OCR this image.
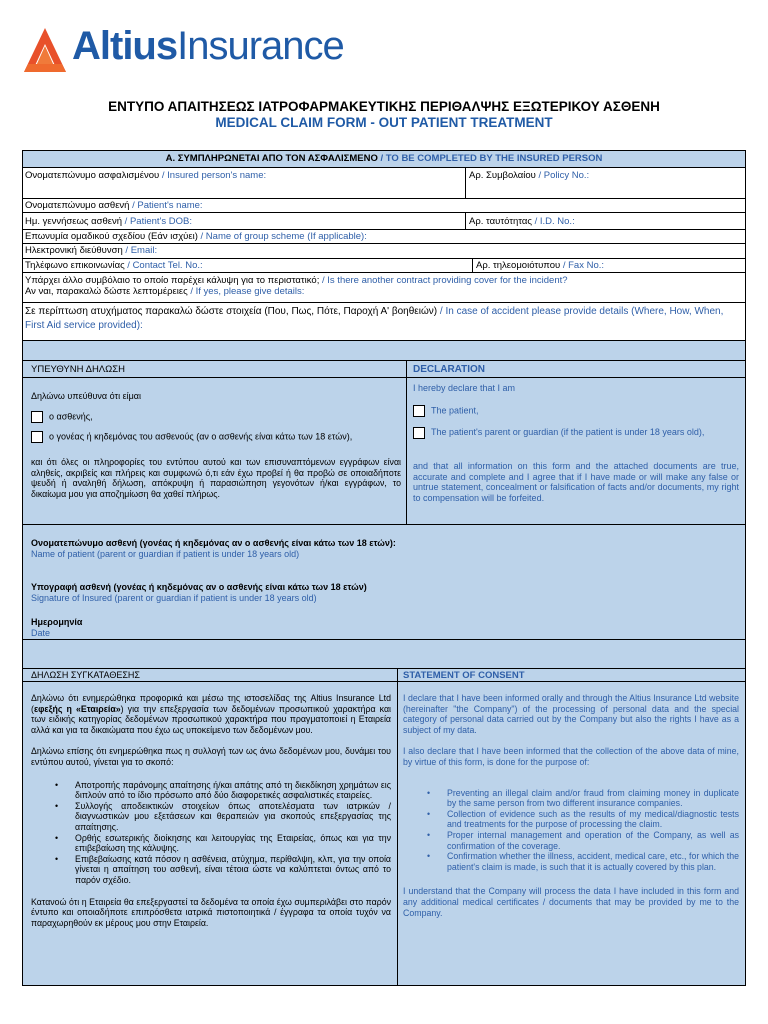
AltiusInsurance
ΕΝΤΥΠΟ ΑΠΑΙΤΗΣΕΩΣ ΙΑΤΡΟΦΑΡΜΑΚΕΥΤΙΚΗΣ ΠΕΡΙΘΑΛΨΗΣ ΕΞΩΤΕΡΙΚΟΥ ΑΣΘΕΝΗ
MEDICAL CLAIM FORM - OUT PATIENT TREATMENT
Α. ΣΥΜΠΛΗΡΩΝΕΤΑΙ ΑΠΟ ΤΟΝ ΑΣΦΑΛΙΣΜΕΝΟ / TO BE COMPLETED BY THE INSURED PERSON
Ονοματεπώνυμο ασφαλισμένου / Insured person's name:	Αρ. Συμβολαίου / Policy No.:
Ονοματεπώνυμο ασθενή / Patient's name:
Ημ. γεννήσεως ασθενή / Patient's DOB:	Αρ. ταυτότητας / I.D. No.:
Επωνυμία ομαδικού σχεδίου (Εάν ισχύει) / Name of group scheme (If applicable):
Ηλεκτρονική διεύθυνση / Email:
Τηλέφωνο επικοινωνίας / Contact Tel. No.:	Αρ. τηλεομοιότυπου / Fax No.:
Υπάρχει άλλο συμβόλαιο το οποίο παρέχει κάλυψη για το περιστατικό; / Is there another contract providing cover for the incident?
Αν ναι, παρακαλώ δώστε λεπτομέρειες / If yes, please give details:
Σε περίπτωση ατυχήματος παρακαλώ δώστε στοιχεία (Που, Πως, Πότε, Παροχή Α' βοηθειών) / In case of accident please provide details (Where, How, When, First Aid service provided):
ΥΠΕΥΘΥΝΗ ΔΗΛΩΣΗ	DECLARATION
Δηλώνω υπεύθυνα ότι είμαι
ο ασθενής,
ο γονέας ή κηδεμόνας του ασθενούς (αν ο ασθενής είναι κάτω των 18 ετών),
και ότι όλες οι πληροφορίες του εντύπου αυτού και των επισυναπτόμενων εγγράφων είναι αληθείς, ακριβείς και πλήρεις και συμφωνώ ό,τι εάν έχω προβεί ή θα προβώ σε οποιαδήποτε ψευδή ή αναληθή δήλωση, απόκρυψη ή παρασιώπηση γεγονότων ή/και εγγράφων, το δικαίωμα μου για αποζημίωση θα χαθεί πλήρως.
I hereby declare that I am
The patient,
The patient's parent or guardian (if the patient is under 18 years old),
and that all information on this form and the attached documents are true, accurate and complete and I agree that if I have made or will make any false or untrue statement, concealment or falsification of facts and/or documents, my right to compensation will be forfeited.
Ονοματεπώνυμο ασθενή (γονέας ή κηδεμόνας αν ο ασθενής είναι κάτω των 18 ετών):
Name of patient (parent or guardian if patient is under 18 years old)
Υπογραφή ασθενή (γονέας ή κηδεμόνας αν ο ασθενής είναι κάτω των 18 ετών)
Signature of Insured (parent or guardian if patient is under 18 years old)
Ημερομηνία
Date
ΔΗΛΩΣΗ ΣΥΓΚΑΤΑΘΕΣΗΣ	STATEMENT OF CONSENT

Δηλώνω ότι ενημερώθηκα προφορικά και μέσω της ιστοσελίδας της Altius Insurance Ltd (εφεξής η «Εταιρεία») για την επεξεργασία των δεδομένων προσωπικού χαρακτήρα και των ειδικής κατηγορίας δεδομένων προσωπικού χαρακτήρα που πραγματοποιεί η Εταιρεία αλλά και για τα δικαιώματα που έχω ως υποκείμενο των δεδομένων μου.

Δηλώνω επίσης ότι ενημερώθηκα πως η συλλογή των ως άνω δεδομένων μου, δυνάμει του εντύπου αυτού, γίνεται για το σκοπό:

• Αποτροπής παράνομης απαίτησης ή/και απάτης από τη διεκδίκηση χρημάτων εις διπλούν από το ίδιο πρόσωπο από δύο διαφορετικές ασφαλιστικές εταιρείες.
• Συλλογής αποδεικτικών στοιχείων όπως αποτελέσματα των ιατρικών / διαγνωστικών μου εξετάσεων και θεραπειών για σκοπούς επεξεργασίας της απαίτησης.
• Ορθής εσωτερικής διοίκησης και λειτουργίας της Εταιρείας, όπως και για την επιβεβαίωση της κάλυψης.
• Επιβεβαίωσης κατά πόσον η ασθένεια, ατύχημα, περίθαλψη, κλπ, για την οποία γίνεται η απαίτηση του ασθενή, είναι τέτοια ώστε να καλύπτεται όντως από το παρόν σχέδιο.

Κατανοώ ότι η Εταιρεία θα επεξεργαστεί τα δεδομένα τα οποία έχω συμπεριλάβει στο παρόν έντυπο και οποιαδήποτε επιπρόσθετα ιατρικά πιστοποιητικά / έγγραφα τα οποία τυχόν να παραχωρηθούν εκ μέρους μου στην Εταιρεία.

I declare that I have been informed orally and through the Altius Insurance Ltd website (hereinafter "the Company") of the processing of personal data and the special category of personal data carried out by the Company but also the rights I have as a subject of my data.

I also declare that I have been informed that the collection of the above data of mine, by virtue of this form, is done for the purpose of:

• Preventing an illegal claim and/or fraud from claiming money in duplicate by the same person from two different insurance companies.
• Collection of evidence such as the results of my medical/diagnostic tests and treatments for the purpose of processing the claim.
• Proper internal management and operation of the Company, as well as confirmation of the coverage.
• Confirmation whether the illness, accident, medical care, etc., for which the patient's claim is made, is such that it is actually covered by this plan.

I understand that the Company will process the data I have included in this form and any additional medical certificates / documents that may be provided by me to the Company.
